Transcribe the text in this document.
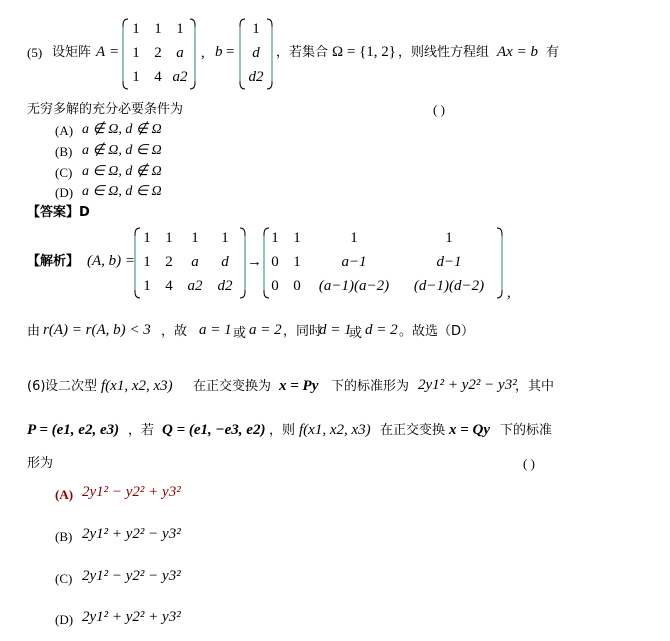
(5) 设矩阵 A =
1 1 1
1 2 a
1 4 a2
, b =
1
d
d2
，若集合 Ω = {1, 2} ，则线性方程组 Ax = b 有
无穷多解的充分必要条件为	( )
(A) a ∉ Ω, d ∉ Ω
(B) a ∉ Ω, d ∈ Ω
(C) a ∈ Ω, d ∉ Ω
(D) a ∈ Ω, d ∈ Ω
【答案】D
【解析】 (A, b) =
1 1	1	1
1 2	a	d
1 4 a2	d2
→
1 1	1	1
0 1	a−1	d−1
0 0	(a−1)(a−2)	(d−1)(d−2)	,
由 r(A) = r(A, b) < 3 ，故 a = 1 或 a = 2 ，同时
d = 1
或 d = 2 。故选（D）
(6) 设二次型 f(x1, x2, x3) 在正交变换为 x = Py 下的标准形为 2y1² + y2² − y3²
，其中
P = (e1, e2, e3) ，若 Q = (e1, −e3, e2) ，则 f(x1, x2, x3) 在正交变换 x = Qy 下的标准
形为	( )
(A) 2y1² − y2² + y3²
(B) 2y1² + y2² − y3²
(C) 2y1² − y2² − y3²
(D) 2y1² + y2² + y3²
